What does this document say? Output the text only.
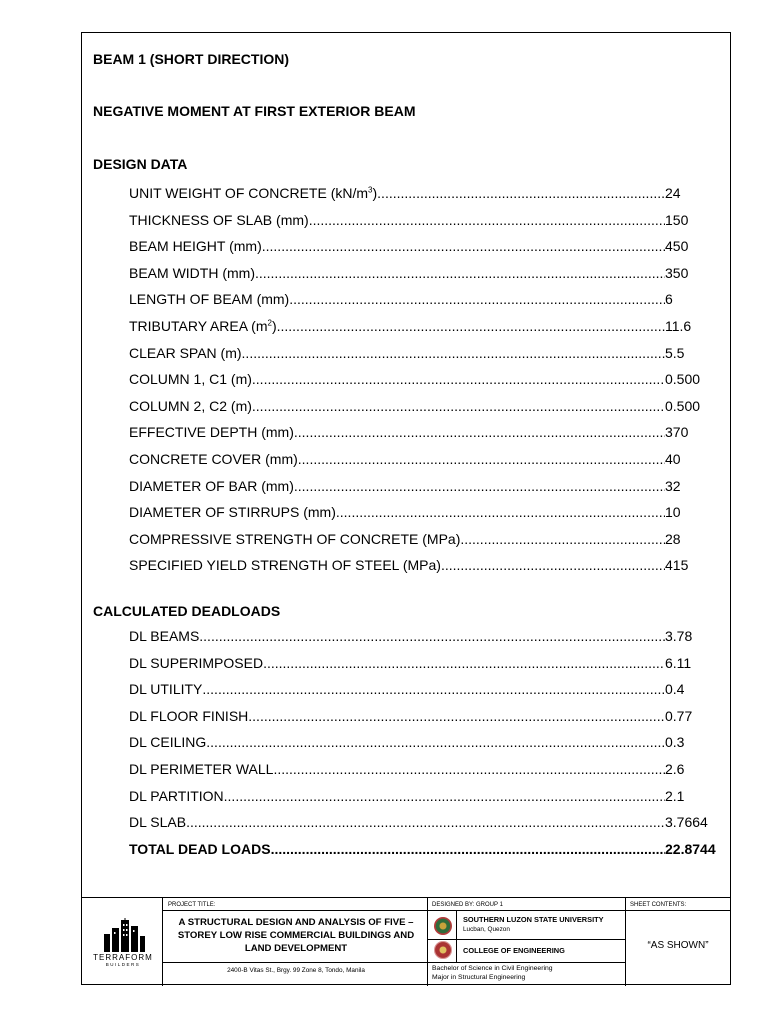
BEAM 1 (SHORT DIRECTION)
NEGATIVE MOMENT AT FIRST EXTERIOR BEAM
DESIGN DATA
UNIT WEIGHT OF CONCRETE $(kN/m^3)$ .....	24
THICKNESS OF SLAB (mm) .....	150
BEAM HEIGHT (mm) .....	450
BEAM WIDTH (mm) .....	350
LENGTH OF BEAM (mm) .....	6
TRIBUTARY AREA $(m^2)$ .....	11.6
CLEAR SPAN (m) .....	5.5
COLUMN 1, C1 (m) .....	0.500
COLUMN 2, C2 (m) .....	0.500
EFFECTIVE DEPTH (mm) .....	370
CONCRETE COVER (mm) .....	40
DIAMETER OF BAR (mm) .....	32
DIAMETER OF STIRRUPS (mm) .....	10
COMPRESSIVE STRENGTH OF CONCRETE (MPa) .....	28
SPECIFIED YIELD STRENGTH OF STEEL (MPa) .....	415
CALCULATED DEADLOADS
DL BEAMS .....	3.78
DL SUPERIMPOSED .....	6.11
DL UTILITY .....	0.4
DL FLOOR FINISH .....	0.77
DL CEILING .....	0.3
DL PERIMETER WALL .....	2.6
DL PARTITION .....	2.1
DL SLAB .....	3.7664
TOTAL DEAD LOADS .....	22.8744
TERRAFORM
BUILDERS
PROJECT TITLE:
A STRUCTURAL DESIGN AND ANALYSIS OF FIVE – STOREY LOW RISE COMMERCIAL BUILDINGS AND LAND DEVELOPMENT
2400-B Vitas St., Brgy. 99 Zone 8, Tondo, Manila
DESIGNED BY: GROUP 1
SOUTHERN LUZON STATE UNIVERSITY
Lucban, Quezon
COLLEGE OF ENGINEERING
Bachelor of Science in Civil Engineering
Major in Structural Engineering
SHEET CONTENTS:
“AS SHOWN”
